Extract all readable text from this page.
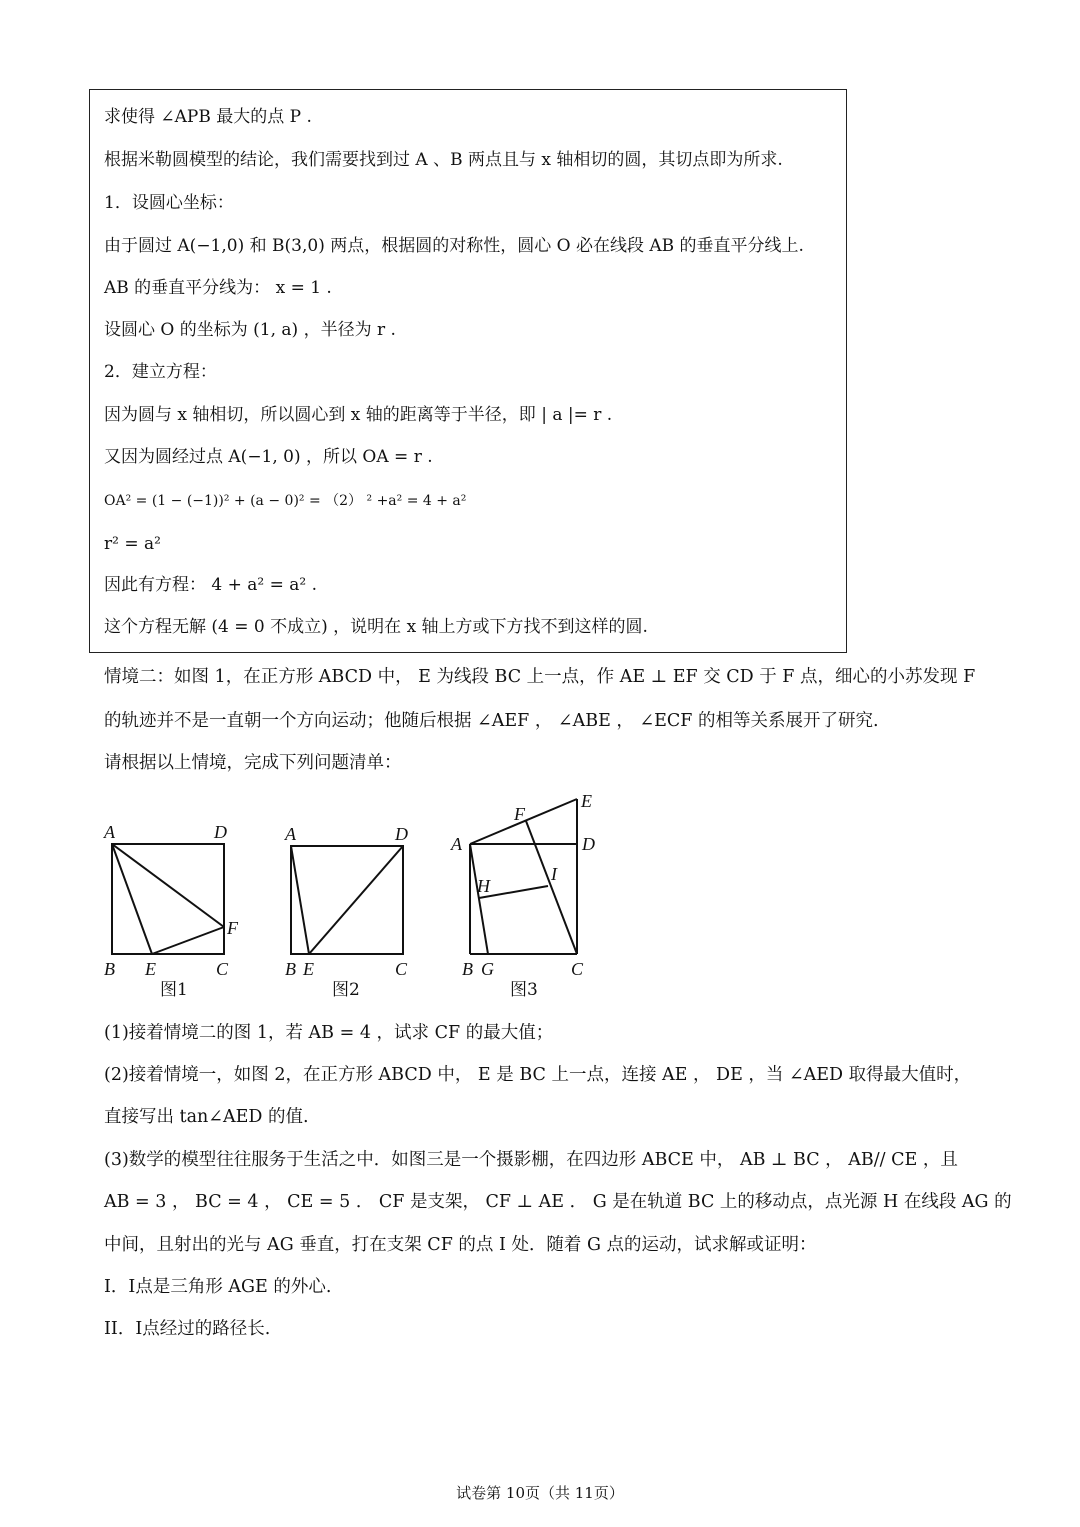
求使得 ∠APB 最大的点 P .
根据米勒圆模型的结论，我们需要找到过 A 、B 两点且与 x 轴相切的圆，其切点即为所求.
1．设圆心坐标：
由于圆过 A(−1,0) 和 B(3,0) 两点，根据圆的对称性，圆心 O 必在线段 AB 的垂直平分线上.
AB 的垂直平分线为： x = 1 .
设圆心 O 的坐标为 (1, a) ，半径为 r .
2．建立方程：
因为圆与 x 轴相切，所以圆心到 x 轴的距离等于半径，即 | a |= r .
又因为圆经过点 A(−1, 0) ，所以 OA = r .
OA² = (1 − (−1))² + (a − 0)² = （2） ² +a² = 4 + a²
r² = a²
因此有方程： 4 + a² = a² .
这个方程无解 (4 = 0 不成立) ，说明在 x 轴上方或下方找不到这样的圆.
情境二：如图 1，在正方形 ABCD 中， E 为线段 BC 上一点，作 AE ⊥ EF 交 CD 于 F 点，细心的小苏发现 F
的轨迹并不是一直朝一个方向运动；他随后根据 ∠AEF ， ∠ABE ， ∠ECF 的相等关系展开了研究.
请根据以上情境，完成下列问题清单：
A	D
B E	C
F
图1
A	D
B E	C
图2
A	D
E
F
H
I
B G	C
图3
(1)接着情境二的图 1，若 AB = 4 ，试求 CF 的最大值；
(2)接着情境一，如图 2，在正方形 ABCD 中， E 是 BC 上一点，连接 AE ， DE ，当 ∠AED 取得最大值时，
直接写出 tan∠AED 的值.
(3)数学的模型往往服务于生活之中．如图三是一个摄影棚，在四边形 ABCE 中， AB ⊥ BC ， AB// CE ，且
AB = 3 ， BC = 4 ， CE = 5 ． CF 是支架， CF ⊥ AE ． G 是在轨道 BC 上的移动点，点光源 H 在线段 AG 的
中间，且射出的光与 AG 垂直，打在支架 CF 的点 I 处．随着 G 点的运动，试求解或证明：
I．I点是三角形 AGE 的外心.
II．I点经过的路径长.
试卷第 10页（共 11页）
